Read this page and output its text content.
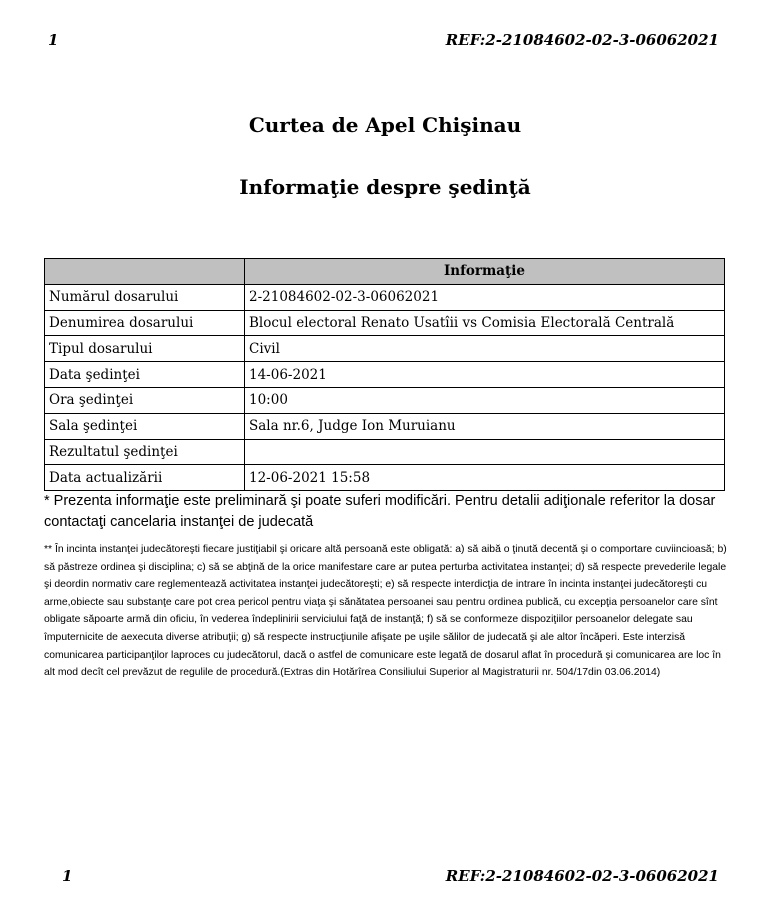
1	REF:2-21084602-02-3-06062021
Curtea de Apel Chişinau
Informaţie despre şedinţă
	Informaţie
Numărul dosarului	2-21084602-02-3-06062021
Denumirea dosarului	Blocul electoral Renato Usatîii vs Comisia Electorală Centrală
Tipul dosarului	Civil
Data şedinţei	14-06-2021
Ora şedinţei	10:00
Sala şedinţei	Sala nr.6, Judge Ion Muruianu
Rezultatul şedinţei	
Data actualizării	12-06-2021 15:58
* Prezenta informaţie este preliminară şi poate suferi modificări. Pentru detalii adiţionale referitor la dosar contactaţi cancelaria instanţei de judecată
** În incinta instanţei judecătoreşti fiecare justiţiabil şi oricare altă persoană este obligată: a) să aibă o ţinută decentă şi o comportare cuviincioasă; b) să păstreze ordinea şi disciplina; c) să se abţină de la orice manifestare care ar putea perturba activitatea instanţei; d) să respecte prevederile legale şi deordin normativ care reglementează activitatea instanţei judecătoreşti; e) să respecte interdicţia de intrare în incinta instanţei judecătoreşti cu arme,obiecte sau substanţe care pot crea pericol pentru viaţa şi sănătatea persoanei sau pentru ordinea publică, cu excepţia persoanelor care sînt obligate săpoarte armă din oficiu, în vederea îndeplinirii serviciului faţă de instanţă; f) să se conformeze dispoziţiilor persoanelor delegate sau împuternicite de aexecuta diverse atribuţii; g) să respecte instrucţiunile afişate pe uşile sălilor de judecată şi ale altor încăperi. Este interzisă comunicarea participanţilor laproces cu judecătorul, dacă o astfel de comunicare este legată de dosarul aflat în procedură şi comunicarea are loc în alt mod decît cel prevăzut de regulile de procedură.(Extras din Hotărîrea Consiliului Superior al Magistraturii nr. 504/17din 03.06.2014)
1	REF:2-21084602-02-3-06062021
